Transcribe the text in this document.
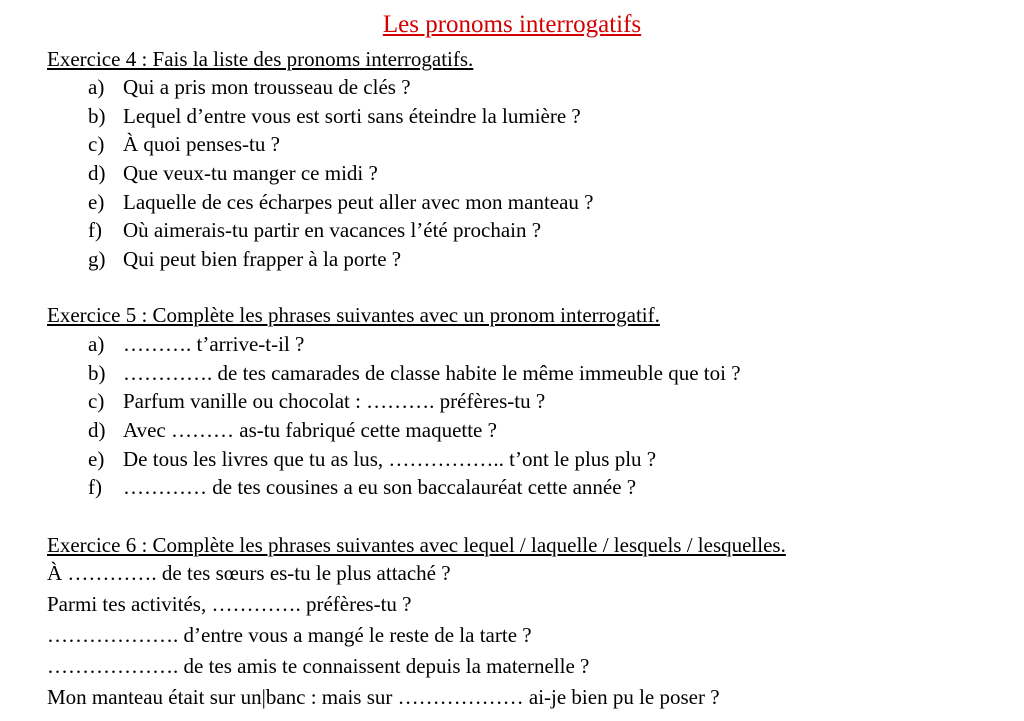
Les pronoms interrogatifs
Exercice 4 : Fais la liste des pronoms interrogatifs.
a) Qui a pris mon trousseau de clés ?
b) Lequel d’entre vous est sorti sans éteindre la lumière ?
c) À quoi penses-tu ?
d) Que veux-tu manger ce midi ?
e) Laquelle de ces écharpes peut aller avec mon manteau ?
f) Où aimerais-tu partir en vacances l’été prochain ?
g) Qui peut bien frapper à la porte ?
Exercice 5 : Complète les phrases suivantes avec un pronom interrogatif.
a) ………. t’arrive-t-il ?
b) …………. de tes camarades de classe habite le même immeuble que toi ?
c) Parfum vanille ou chocolat : ………. préfères-tu ?
d) Avec ……… as-tu fabriqué cette maquette ?
e) De tous les livres que tu as lus, …………….. t’ont le plus plu ?
f) ………… de tes cousines a eu son baccalauréat cette année ?
Exercice 6 : Complète les phrases suivantes avec lequel / laquelle / lesquels / lesquelles.
À …………. de tes sœurs es-tu le plus attaché ?
Parmi tes activités, …………. préfères-tu ?
………………. d’entre vous a mangé le reste de la tarte ?
………………. de tes amis te connaissent depuis la maternelle ?
Mon manteau était sur un|banc : mais sur ……………… ai-je bien pu le poser ?
